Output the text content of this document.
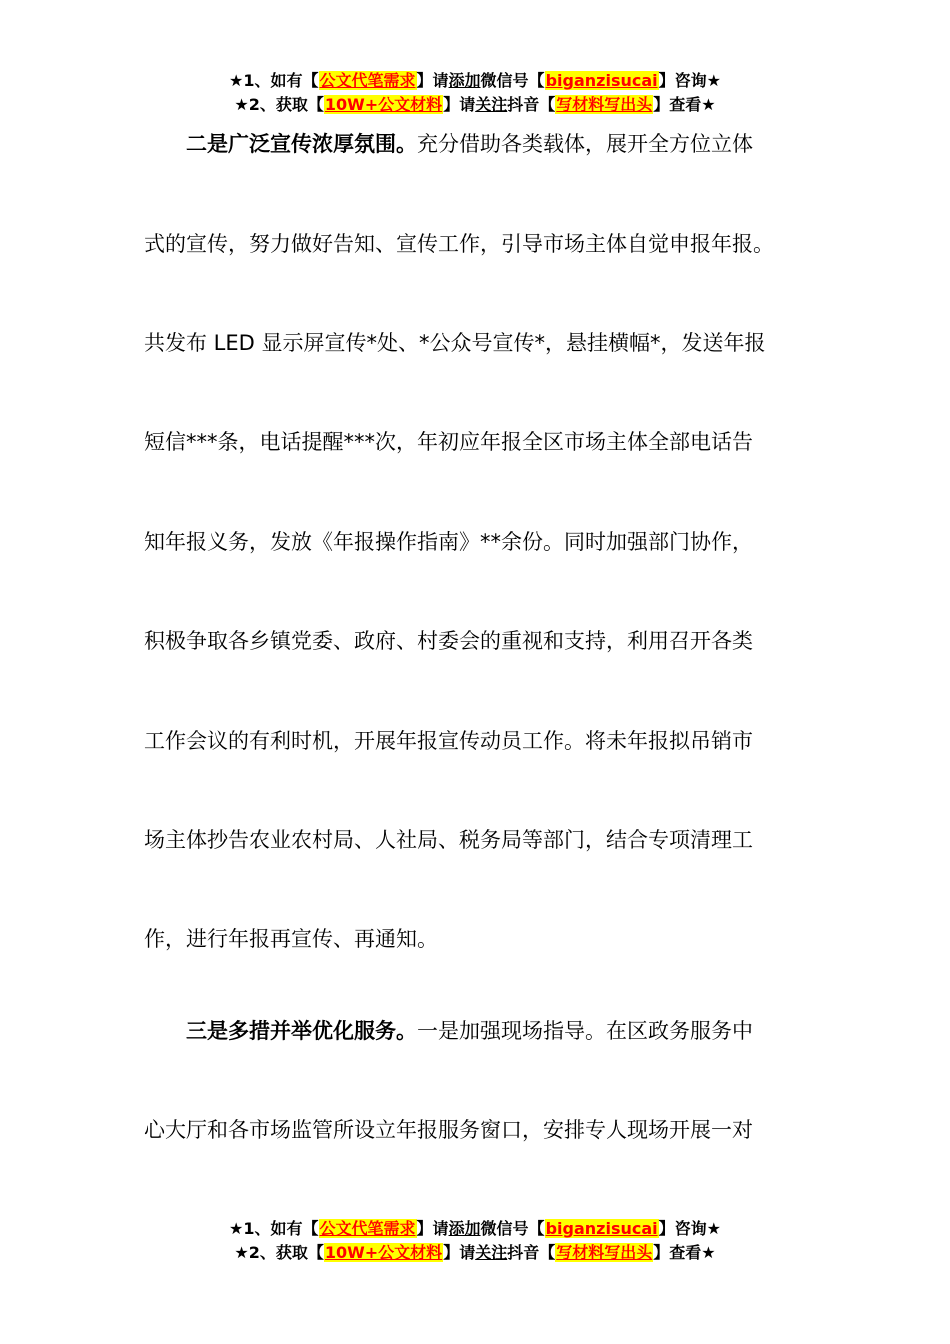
★1、如有【公文代笔需求】请添加微信号【biganzisucai】咨询★
★2、获取【10W+公文材料】请关注抖音【写材料写出头】查看★
二是广泛宣传浓厚氛围。充分借助各类载体，展开全方位立体
式的宣传，努力做好告知、宣传工作，引导市场主体自觉申报年报。
共发布 LED 显示屏宣传*处、*公众号宣传*，悬挂横幅*，发送年报
短信***条，电话提醒***次，年初应年报全区市场主体全部电话告
知年报义务，发放《年报操作指南》**余份。同时加强部门协作，
积极争取各乡镇党委、政府、村委会的重视和支持，利用召开各类
工作会议的有利时机，开展年报宣传动员工作。将未年报拟吊销市
场主体抄告农业农村局、人社局、税务局等部门，结合专项清理工
作，进行年报再宣传、再通知。
三是多措并举优化服务。一是加强现场指导。在区政务服务中
心大厅和各市场监管所设立年报服务窗口，安排专人现场开展一对
★1、如有【公文代笔需求】请添加微信号【biganzisucai】咨询★
★2、获取【10W+公文材料】请关注抖音【写材料写出头】查看★
